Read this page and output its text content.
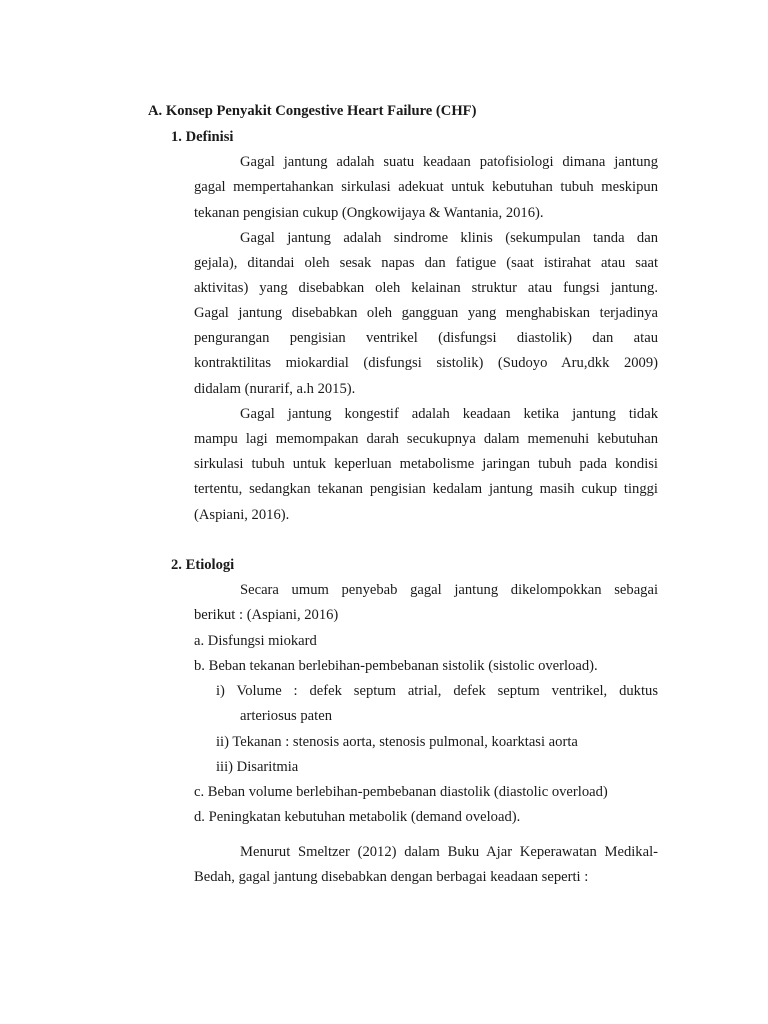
A. Konsep Penyakit Congestive Heart Failure (CHF)
1. Definisi
Gagal jantung adalah suatu keadaan patofisiologi dimana jantung
gagal mempertahankan sirkulasi adekuat untuk kebutuhan tubuh meskipun
tekanan pengisian cukup (Ongkowijaya & Wantania, 2016).
Gagal jantung adalah sindrome klinis (sekumpulan tanda dan
gejala), ditandai oleh sesak napas dan fatigue (saat istirahat atau saat
aktivitas) yang disebabkan oleh kelainan struktur atau fungsi jantung.
Gagal jantung disebabkan oleh gangguan yang menghabiskan terjadinya
pengurangan pengisian ventrikel (disfungsi diastolik) dan atau
kontraktilitas miokardial (disfungsi sistolik) (Sudoyo Aru,dkk 2009)
didalam (nurarif, a.h 2015).
Gagal jantung kongestif adalah keadaan ketika jantung tidak
mampu lagi memompakan darah secukupnya dalam memenuhi kebutuhan
sirkulasi tubuh untuk keperluan metabolisme jaringan tubuh pada kondisi
tertentu, sedangkan tekanan pengisian kedalam jantung masih cukup tinggi
(Aspiani, 2016).
2. Etiologi
Secara umum penyebab gagal jantung dikelompokkan sebagai
berikut : (Aspiani, 2016)
a. Disfungsi miokard
b. Beban tekanan berlebihan-pembebanan sistolik (sistolic overload).
i) Volume : defek septum atrial, defek septum ventrikel, duktus
arteriosus paten
ii) Tekanan : stenosis aorta, stenosis pulmonal, koarktasi aorta
iii) Disaritmia
c. Beban volume berlebihan-pembebanan diastolik (diastolic overload)
d. Peningkatan kebutuhan metabolik (demand oveload).
Menurut Smeltzer (2012) dalam Buku Ajar Keperawatan Medikal-
Bedah, gagal jantung disebabkan dengan berbagai keadaan seperti :
